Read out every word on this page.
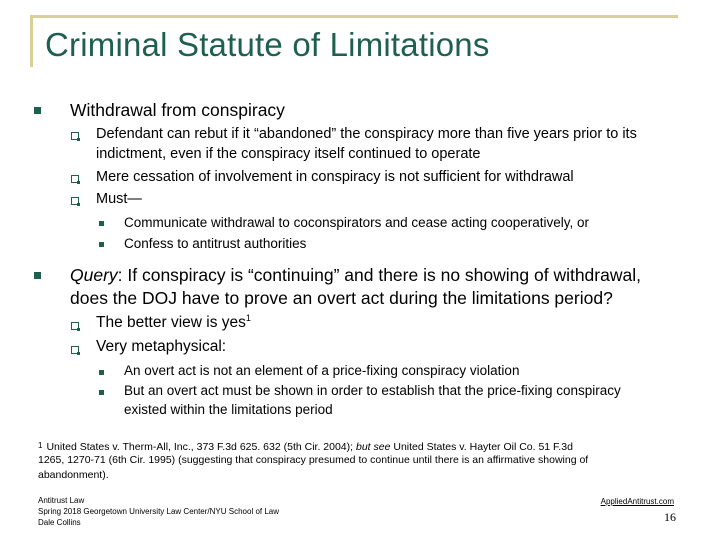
Criminal Statute of Limitations
Withdrawal from conspiracy
Defendant can rebut if it “abandoned” the conspiracy more than five years prior to its
indictment, even if the conspiracy itself continued to operate
Mere cessation of involvement in conspiracy is not sufficient for withdrawal
Must—
Communicate withdrawal to coconspirators and cease acting cooperatively, or
Confess to antitrust authorities
Query: If conspiracy is “continuing” and there is no showing of withdrawal,
does the DOJ have to prove an overt act during the limitations period?
The better view is yes$^1$
Very metaphysical:
An overt act is not an element of a price-fixing conspiracy violation
But an overt act must be shown in order to establish that the price-fixing conspiracy
existed within the limitations period
1 United States v. Therm-All, Inc., 373 F.3d 625. 632 (5th Cir. 2004); but see United States v. Hayter Oil Co. 51 F.3d
1265, 1270-71 (6th Cir. 1995) (suggesting that conspiracy presumed to continue until there is an affirmative showing of
abandonment).
Antitrust Law
Spring 2018 Georgetown University Law Center/NYU School of Law
Dale Collins
AppliedAntitrust.com
16
